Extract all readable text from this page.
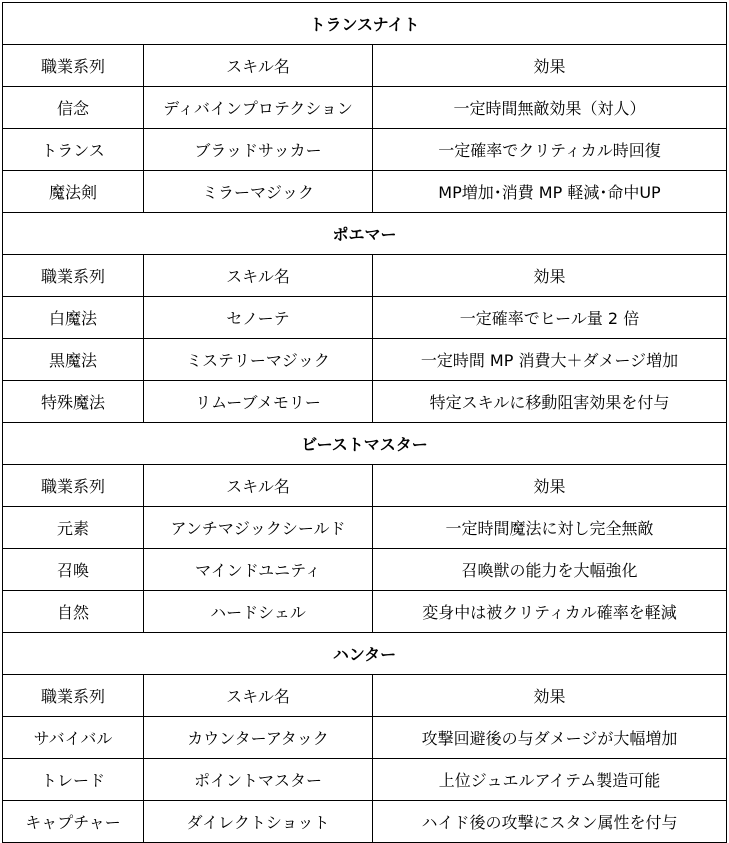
トランスナイト		
職業系列	スキル名	効果
信念	ディバインプロテクション	一定時間無敵効果（対人）
トランス	ブラッドサッカー	一定確率でクリティカル時回復
魔法剣	ミラーマジック	MP増加･消費 MP 軽減･命中UP
ポエマー		
職業系列	スキル名	効果
白魔法	セノーテ	一定確率でヒール量 2 倍
黒魔法	ミステリーマジック	一定時間 MP 消費大＋ダメージ増加
特殊魔法	リムーブメモリー	特定スキルに移動阻害効果を付与
ビーストマスター		
職業系列	スキル名	効果
元素	アンチマジックシールド	一定時間魔法に対し完全無敵
召喚	マインドユニティ	召喚獣の能力を大幅強化
自然	ハードシェル	変身中は被クリティカル確率を軽減
ハンター		
職業系列	スキル名	効果
サバイバル	カウンターアタック	攻撃回避後の与ダメージが大幅増加
トレード	ポイントマスター	上位ジュエルアイテム製造可能
キャプチャー	ダイレクトショット	ハイド後の攻撃にスタン属性を付与
